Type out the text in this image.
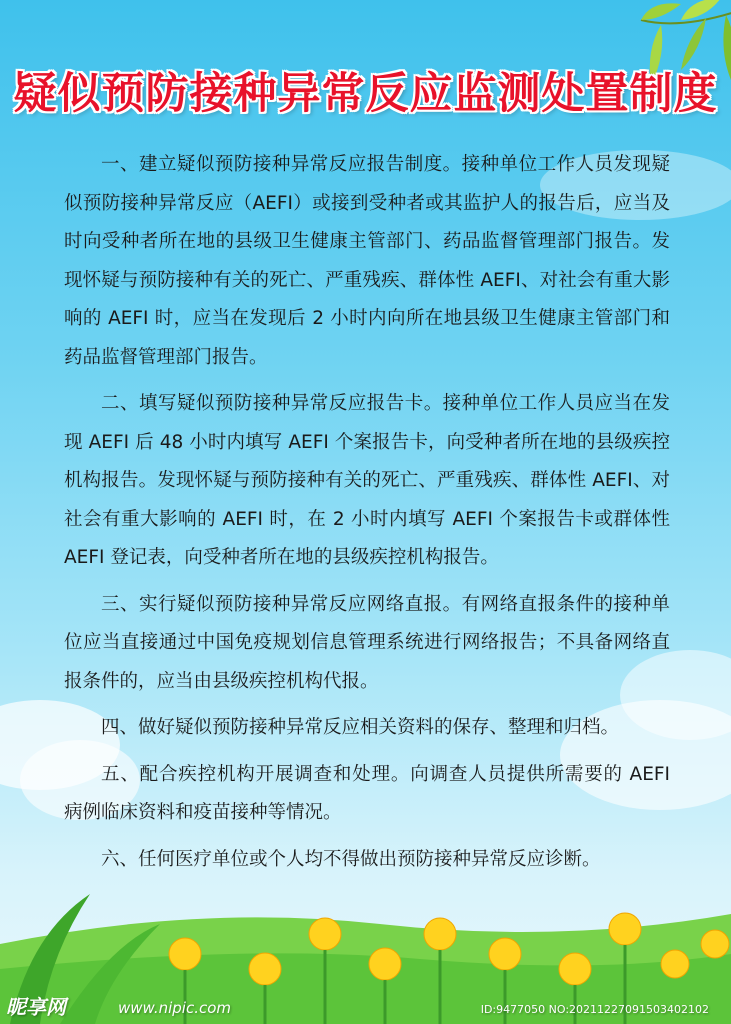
疑似预防接种异常反应监测处置制度

一、建立疑似预防接种异常反应报告制度。接种单位工作人员发现疑似预防接种异常反应（AEFI）或接到受种者或其监护人的报告后，应当及时向受种者所在地的县级卫生健康主管部门、药品监督管理部门报告。发现怀疑与预防接种有关的死亡、严重残疾、群体性 AEFI、对社会有重大影响的 AEFI 时，应当在发现后 2 小时内向所在地县级卫生健康主管部门和药品监督管理部门报告。

二、填写疑似预防接种异常反应报告卡。接种单位工作人员应当在发现 AEFI 后 48 小时内填写 AEFI 个案报告卡，向受种者所在地的县级疾控机构报告。发现怀疑与预防接种有关的死亡、严重残疾、群体性 AEFI、对社会有重大影响的 AEFI 时，在 2 小时内填写 AEFI 个案报告卡或群体性 AEFI 登记表，向受种者所在地的县级疾控机构报告。

三、实行疑似预防接种异常反应网络直报。有网络直报条件的接种单位应当直接通过中国免疫规划信息管理系统进行网络报告；不具备网络直报条件的，应当由县级疾控机构代报。

四、做好疑似预防接种异常反应相关资料的保存、整理和归档。

五、配合疾控机构开展调查和处理。向调查人员提供所需要的 AEFI 病例临床资料和疫苗接种等情况。

六、任何医疗单位或个人均不得做出预防接种异常反应诊断。

昵享网	www.nipic.com	ID:9477050 NO:20211227091503402102
